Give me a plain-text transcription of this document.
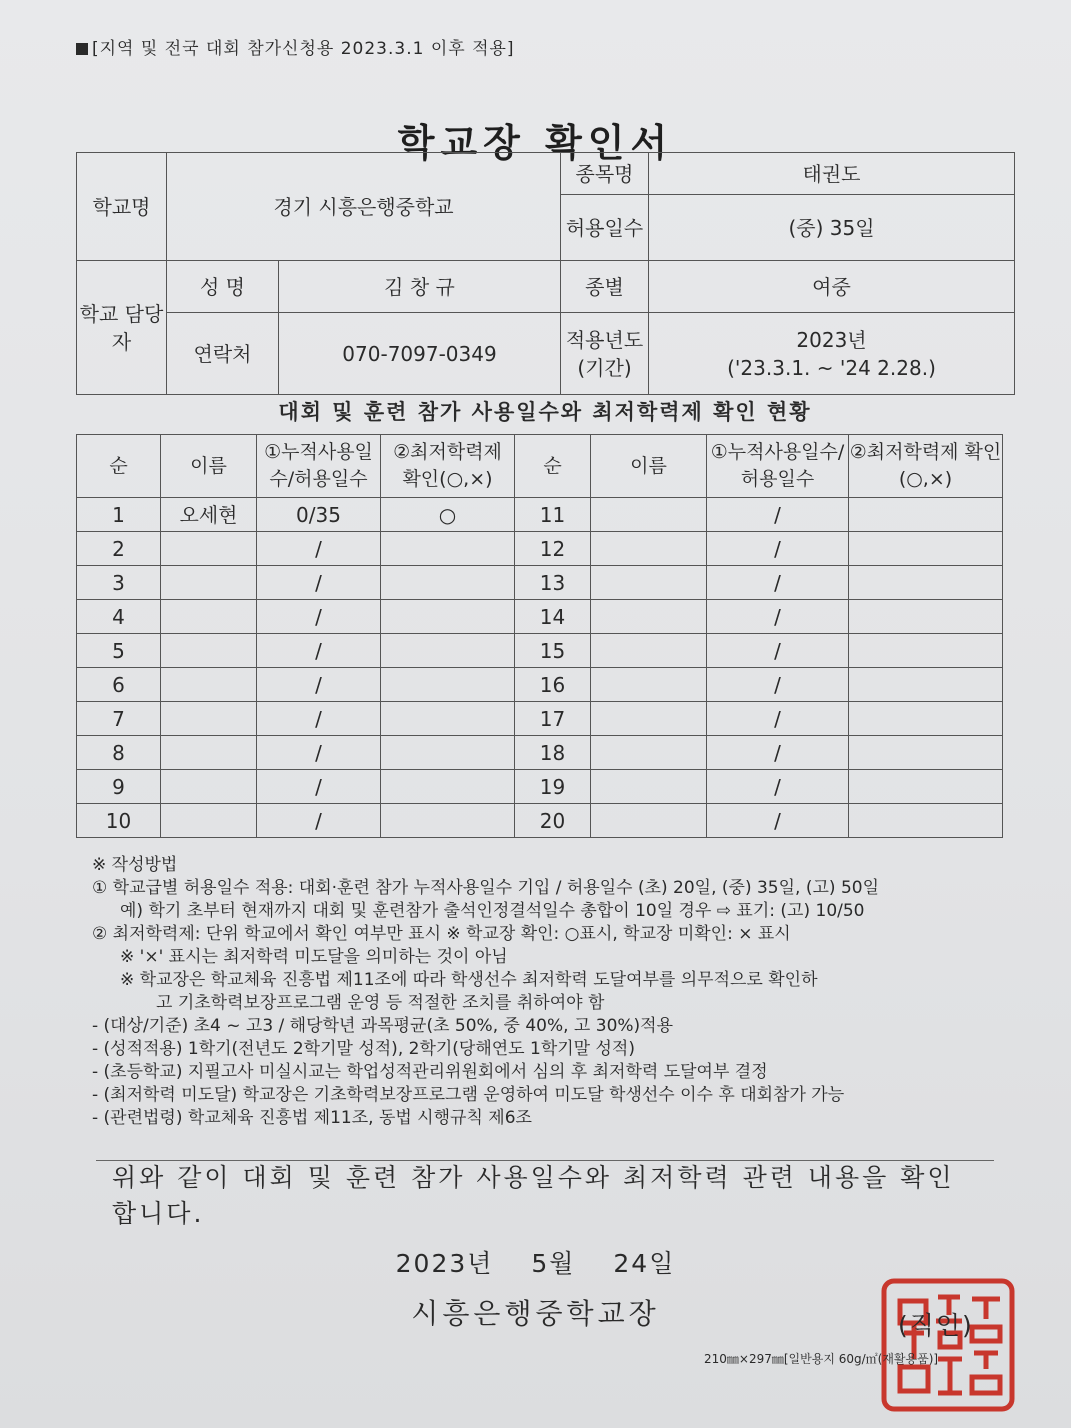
[지역 및 전국 대회 참가신청용 2023.3.1 이후 적용]
학교장 확인서
학교명	경기 시흥은행중학교		종목명	태권도
			허용일수	(중) 35일
학교 담당자	성 명	김 창 규	종별	여중
	연락처	070-7097-0349	적용년도 (기간)	2023년
('23.3.1. ~ '24 2.28.)
대회 및 훈련 참가 사용일수와 최저학력제 확인 현황
순	이름	①누적사용일수/허용일수	②최저학력제 확인(○,×)	순	이름	①누적사용일수/허용일수	②최저학력제 확인(○,×)
1	오세현	0/35	○	11		/	
2		/		12		/	
3		/		13		/	
4		/		14		/	
5		/		15		/	
6		/		16		/	
7		/		17		/	
8		/		18		/	
9		/		19		/	
10		/		20		/	
※ 작성방법
① 학교급별 허용일수 적용: 대회·훈련 참가 누적사용일수 기입 / 허용일수 (초) 20일, (중) 35일, (고) 50일
예) 학기 초부터 현재까지 대회 및 훈련참가 출석인정결석일수 총합이 10일 경우 ⇨ 표기: (고) 10/50
② 최저학력제: 단위 학교에서 확인 여부만 표시 ※ 학교장 확인: ○표시, 학교장 미확인: × 표시
※ '×' 표시는 최저학력 미도달을 의미하는 것이 아님
※ 학교장은 학교체육 진흥법 제11조에 따라 학생선수 최저학력 도달여부를 의무적으로 확인하
고 기초학력보장프로그램 운영 등 적절한 조치를 취하여야 함
- (대상/기준) 초4 ~ 고3 / 해당학년 과목평균(초 50%, 중 40%, 고 30%)적용
- (성적적용) 1학기(전년도 2학기말 성적), 2학기(당해연도 1학기말 성적)
- (초등학교) 지필고사 미실시교는 학업성적관리위원회에서 심의 후 최저학력 도달여부 결정
- (최저학력 미도달) 학교장은 기초학력보장프로그램 운영하여 미도달 학생선수 이수 후 대회참가 가능
- (관련법령) 학교체육 진흥법 제11조, 동법 시행규칙 제6조
위와 같이 대회 및 훈련 참가 사용일수와 최저학력 관련 내용을 확인
합니다.
2023년 5월 24일
시흥은행중학교장	(직인)
210㎜×297㎜[일반용지 60g/㎡(재활용품)]
